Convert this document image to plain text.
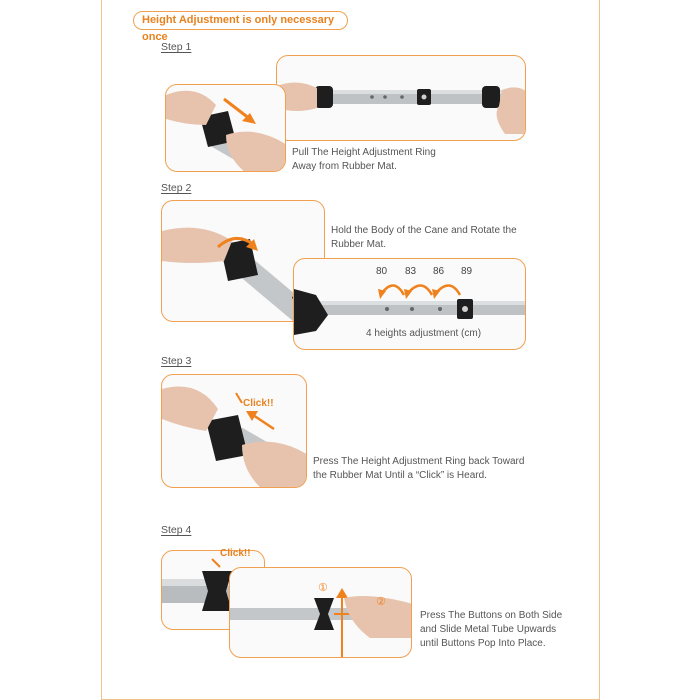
Height Adjustment is only necessary once
Step 1
Pull The Height Adjustment Ring
Away from Rubber Mat.
Step 2
Hold the Body of the Cane and Rotate the
Rubber Mat.
80 83 86 89
4 heights adjustment (cm)
Step 3
Click!!
Press The Height Adjustment Ring back Toward
the Rubber Mat Until a “Click” is Heard.
Step 4
Click!!
①
②
Press The Buttons on Both Side
and Slide Metal Tube Upwards
until Buttons Pop Into Place.
